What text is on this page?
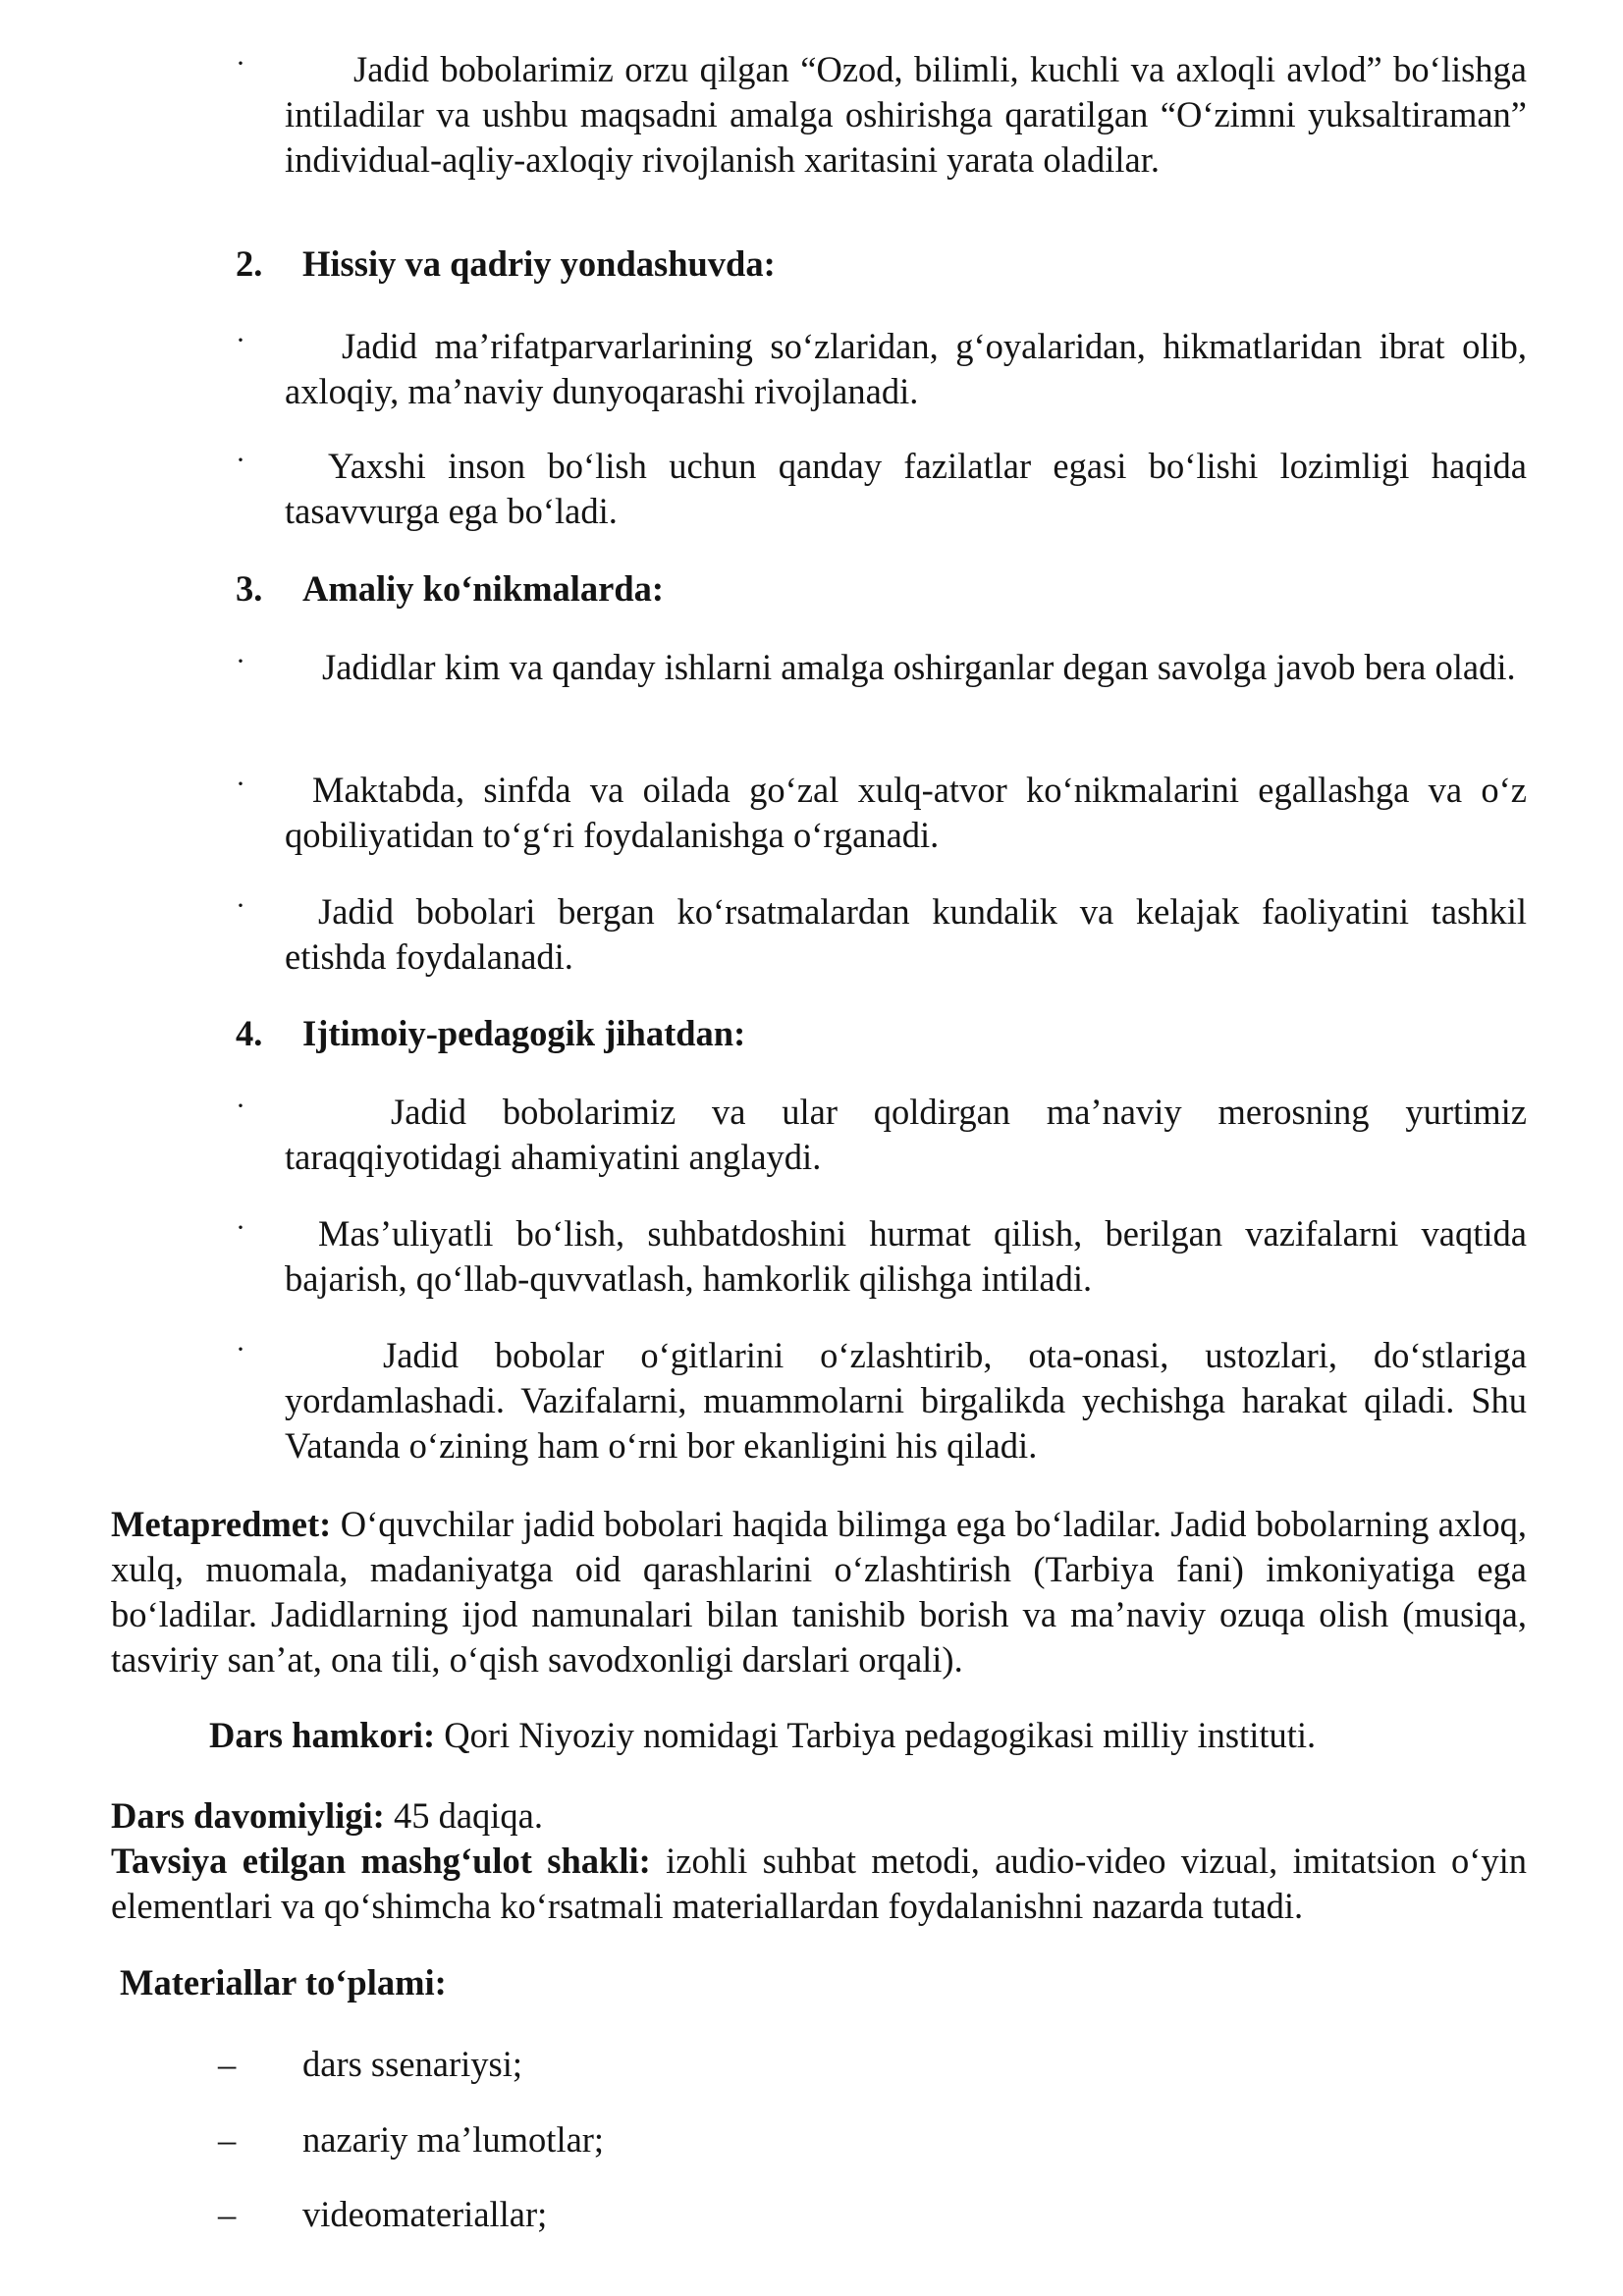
·	Jadid bobolarimiz orzu qilgan “Ozod, bilimli, kuchli va axloqli avlod” bo‘lishga intiladilar va ushbu maqsadni amalga oshirishga qaratilgan “O‘zimni yuksaltiraman” individual-aqliy-axloqiy rivojlanish xaritasini yarata oladilar.
2. Hissiy va qadriy yondashuvda:
·	Jadid ma’rifatparvarlarining so‘zlaridan, g‘oyalaridan, hikmatlaridan ibrat olib, axloqiy, ma’naviy dunyoqarashi rivojlanadi.
·	Yaxshi inson bo‘lish uchun qanday fazilatlar egasi bo‘lishi lozimligi haqida tasavvurga ega bo‘ladi.
3. Amaliy ko‘nikmalarda:
·	Jadidlar kim va qanday ishlarni amalga oshirganlar degan savolga javob bera oladi.
·	Maktabda, sinfda va oilada go‘zal xulq-atvor ko‘nikmalarini egallashga va o‘z qobiliyatidan to‘g‘ri foydalanishga o‘rganadi.
·	Jadid bobolari bergan ko‘rsatmalardan kundalik va kelajak faoliyatini tashkil etishda foydalanadi.
4. Ijtimoiy-pedagogik jihatdan:
·	Jadid bobolarimiz va ular qoldirgan ma’naviy merosning yurtimiz taraqqiyotidagi ahamiyatini anglaydi.
·	Mas’uliyatli bo‘lish, suhbatdoshini hurmat qilish, berilgan vazifalarni vaqtida bajarish, qo‘llab-quvvatlash, hamkorlik qilishga intiladi.
·	Jadid bobolar o‘gitlarini o‘zlashtirib, ota-onasi, ustozlari, do‘stlariga yordamlashadi. Vazifalarni, muammolarni birgalikda yechishga harakat qiladi. Shu Vatanda o‘zining ham o‘rni bor ekanligini his qiladi.
Metapredmet: O‘quvchilar jadid bobolari haqida bilimga ega bo‘ladilar. Jadid bobolarning axloq, xulq, muomala, madaniyatga oid qarashlarini o‘zlashtirish (Tarbiya fani) imkoniyatiga ega bo‘ladilar. Jadidlarning ijod namunalari bilan tanishib borish va ma’naviy ozuqa olish (musiqa, tasviriy san’at, ona tili, o‘qish savodxonligi darslari orqali).
Dars hamkori: Qori Niyoziy nomidagi Tarbiya pedagogikasi milliy instituti.
Dars davomiyligi: 45 daqiqa.
Tavsiya etilgan mashg‘ulot shakli: izohli suhbat metodi, audio-video vizual, imitatsion o‘yin elementlari va qo‘shimcha ko‘rsatmali materiallardan foydalanishni nazarda tutadi.
Materiallar to‘plami:
– dars ssenariysi;
– nazariy ma’lumotlar;
– videomateriallar;
